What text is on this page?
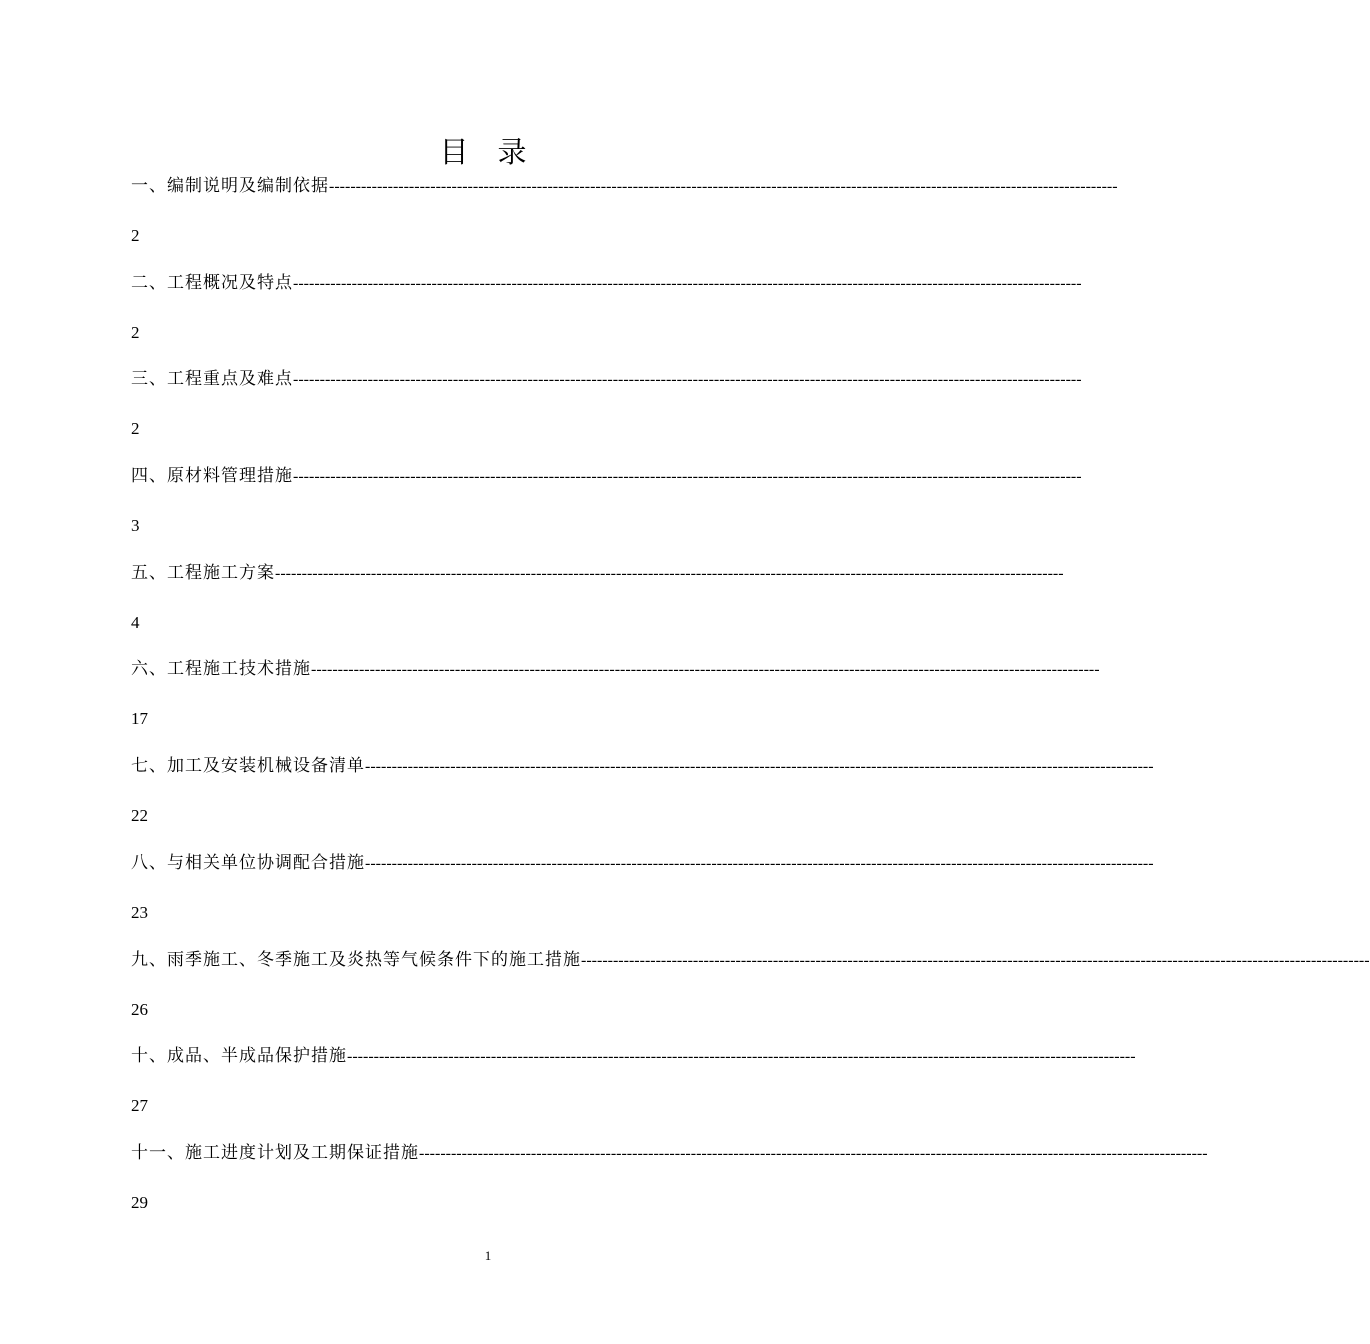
目　录
一、编制说明及编制依据 ----------------------------------------------------------------------------------------------------------------------------------------------------
2
二、工程概况及特点 ----------------------------------------------------------------------------------------------------------------------------------------------------
2
三、工程重点及难点 ----------------------------------------------------------------------------------------------------------------------------------------------------
2
四、原材料管理措施 ----------------------------------------------------------------------------------------------------------------------------------------------------
3
五、工程施工方案 ----------------------------------------------------------------------------------------------------------------------------------------------------
4
六、工程施工技术措施 ----------------------------------------------------------------------------------------------------------------------------------------------------
17
七、加工及安装机械设备清单 ----------------------------------------------------------------------------------------------------------------------------------------------------
22
八、与相关单位协调配合措施 ----------------------------------------------------------------------------------------------------------------------------------------------------
23
九、雨季施工、冬季施工及炎热等气候条件下的施工措施 ----------------------------------------------------------------------------------------------------------------------------------------------------
26
十、成品、半成品保护措施 ----------------------------------------------------------------------------------------------------------------------------------------------------
27
十一、施工进度计划及工期保证措施 ----------------------------------------------------------------------------------------------------------------------------------------------------
29
1
